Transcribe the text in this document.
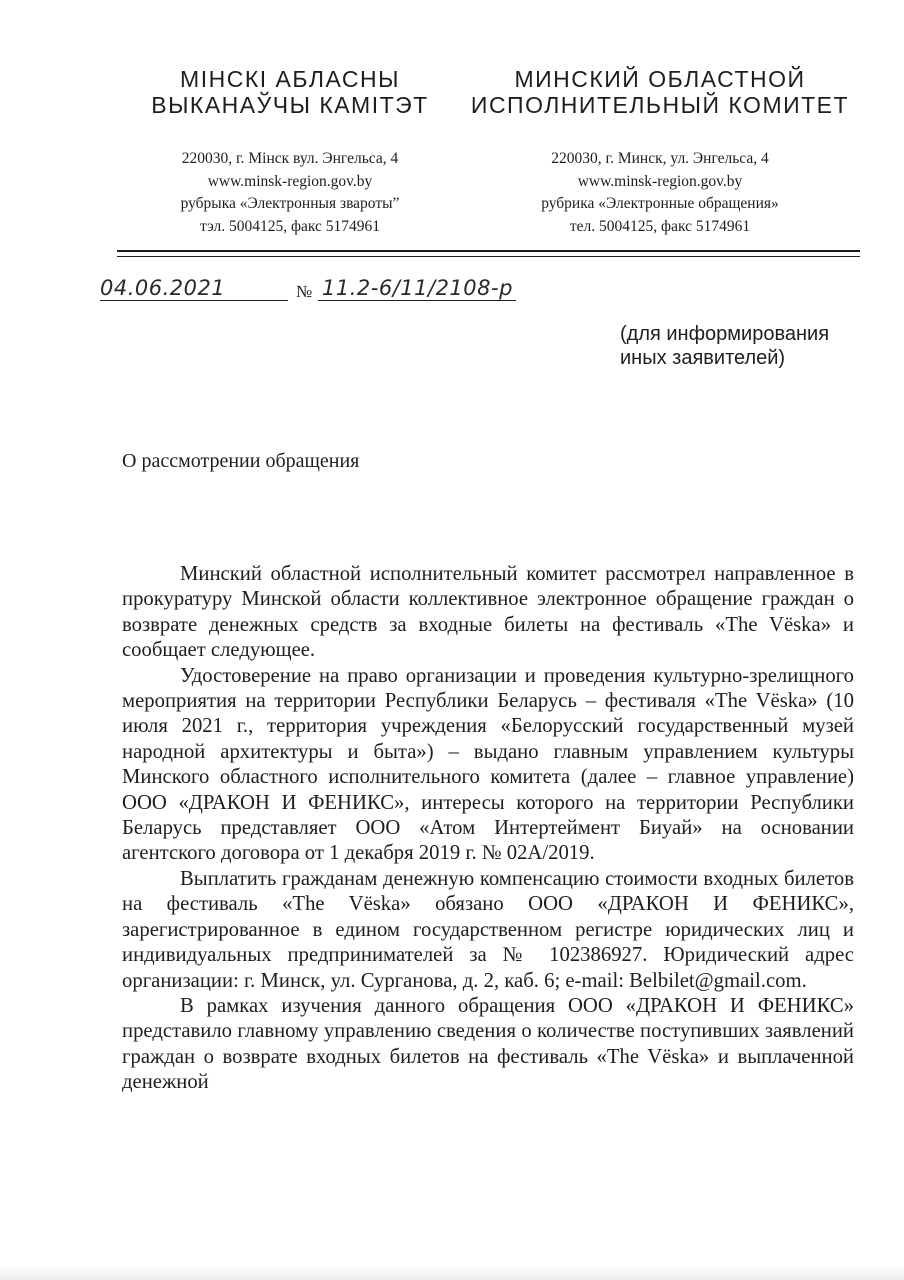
МІНСКІ АБЛАСНЫ
ВЫКАНАЎЧЫ КАМІТЭТ
220030, г. Мінск вул. Энгельса, 4
www.minsk-region.gov.by
рубрыка «Электронныя зваротыˮ
тэл. 5004125, факс 5174961
МИНСКИЙ ОБЛАСТНОЙ
ИСПОЛНИТЕЛЬНЫЙ КОМИТЕТ
220030, г. Минск, ул. Энгельса, 4
www.minsk-region.gov.by
рубрика «Электронные обращения»
тел. 5004125, факс 5174961
04.06.2021	№ 11.2-6/11/2108-р
(для информирования
иных заявителей)
О рассмотрении обращения

Минский областной исполнительный комитет рассмотрел направленное в прокуратуру Минской области коллективное электронное обращение граждан о возврате денежных средств за входные билеты на фестиваль «The Vёska» и сообщает следующее.

Удостоверение на право организации и проведения культурно-зрелищного мероприятия на территории Республики Беларусь – фестиваля «The Vёska» (10 июля 2021 г., территория учреждения «Белорусский государственный музей народной архитектуры и быта») – выдано главным управлением культуры Минского областного исполнительного комитета (далее – главное управление) ООО «ДРАКОН И ФЕНИКС», интересы которого на территории Республики Беларусь представляет ООО «Атом Интертеймент Биуай» на основании агентского договора от 1 декабря 2019 г. № 02А/2019.

Выплатить гражданам денежную компенсацию стоимости входных билетов на фестиваль «The Vёska» обязано ООО «ДРАКОН И ФЕНИКС», зарегистрированное в едином государственном регистре юридических лиц и индивидуальных предпринимателей за № 102386927. Юридический адрес организации: г. Минск, ул. Сурганова, д. 2, каб. 6; e-mail: Belbilet@gmail.com.

В рамках изучения данного обращения ООО «ДРАКОН И ФЕНИКС» представило главному управлению сведения о количестве поступивших заявлений граждан о возврате входных билетов на фестиваль «The Vёska» и выплаченной денежной
